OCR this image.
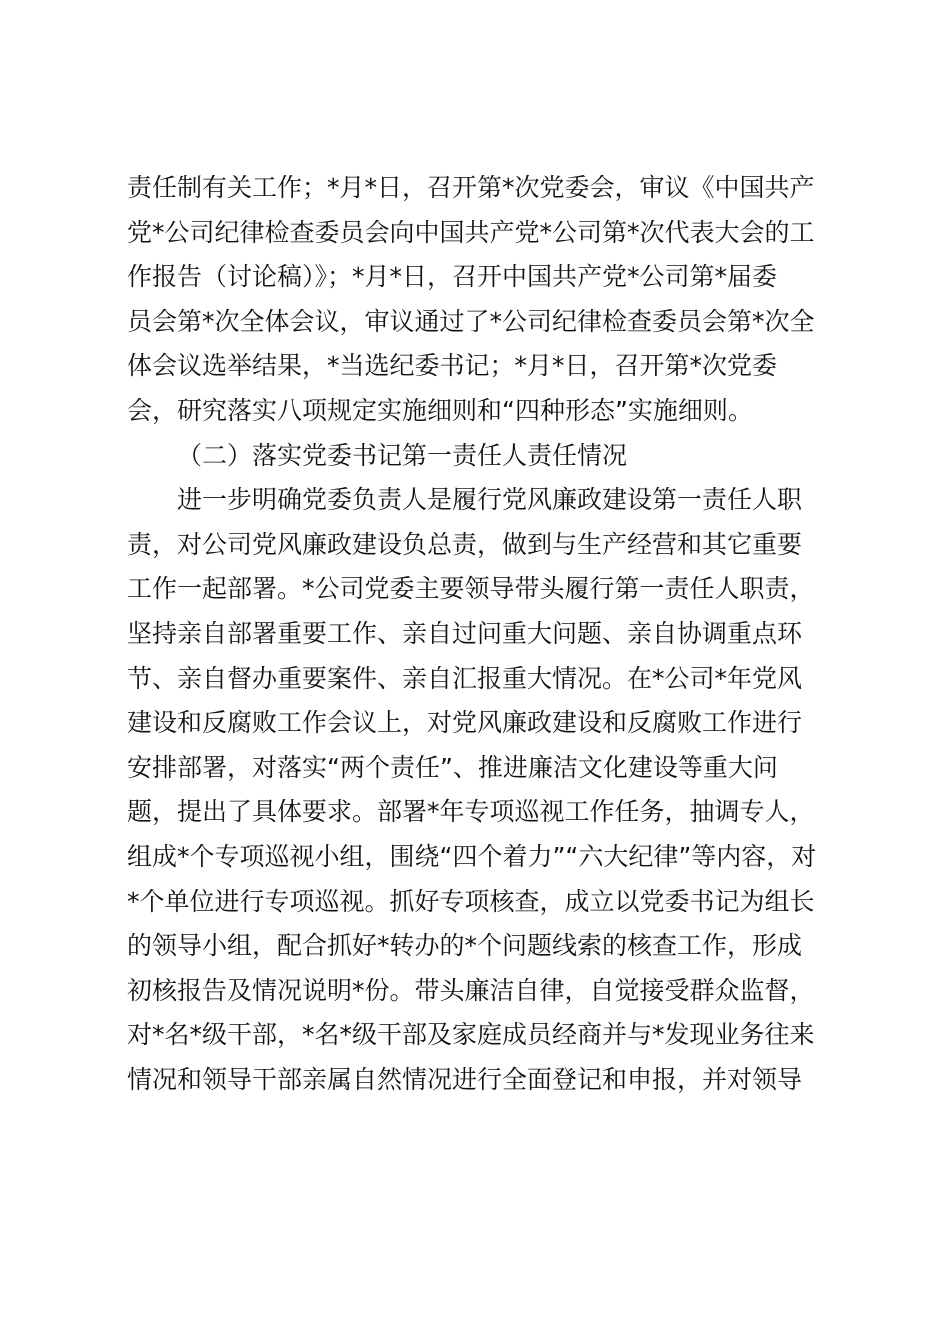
责任制有关工作；*月*日，召开第*次党委会，审议《中国共产
党*公司纪律检查委员会向中国共产党*公司第*次代表大会的工
作报告（讨论稿）》；*月*日，召开中国共产党*公司第*届委
员会第*次全体会议，审议通过了*公司纪律检查委员会第*次全
体会议选举结果，*当选纪委书记；*月*日，召开第*次党委
会，研究落实八项规定实施细则和“四种形态”实施细则。
（二）落实党委书记第一责任人责任情况
进一步明确党委负责人是履行党风廉政建设第一责任人职
责，对公司党风廉政建设负总责，做到与生产经营和其它重要
工作一起部署。*公司党委主要领导带头履行第一责任人职责，
坚持亲自部署重要工作、亲自过问重大问题、亲自协调重点环
节、亲自督办重要案件、亲自汇报重大情况。在*公司*年党风
建设和反腐败工作会议上，对党风廉政建设和反腐败工作进行
安排部署，对落实“两个责任”、推进廉洁文化建设等重大问
题，提出了具体要求。部署*年专项巡视工作任务，抽调专人，
组成*个专项巡视小组，围绕“四个着力”“六大纪律”等内容，对
*个单位进行专项巡视。抓好专项核查，成立以党委书记为组长
的领导小组，配合抓好*转办的*个问题线索的核查工作，形成
初核报告及情况说明*份。带头廉洁自律，自觉接受群众监督，
对*名*级干部，*名*级干部及家庭成员经商并与*发现业务往来
情况和领导干部亲属自然情况进行全面登记和申报，并对领导
